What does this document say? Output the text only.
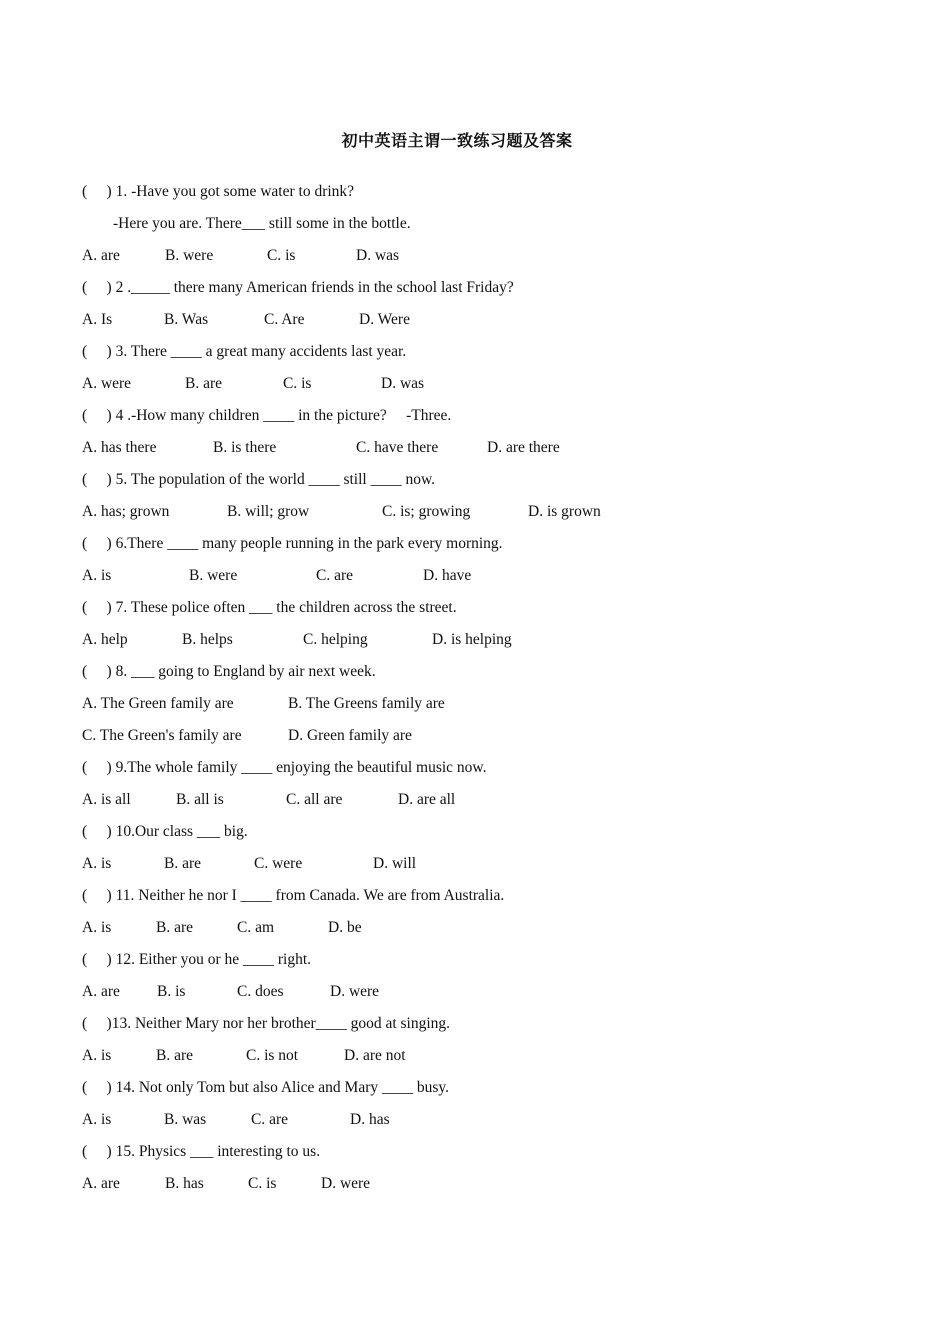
初中英语主谓一致练习题及答案
(     ) 1. -Have you got some water to drink?
-Here you are. There___ still some in the bottle.
A. are	B. were	C. is	D. was
(     ) 2 ._____ there many American friends in the school last Friday?
A. Is	B. Was	C. Are	D. Were
(     ) 3. There ____ a great many accidents last year.
A. were	B. are	C. is	D. was
(     ) 4 .-How many children ____ in the picture?     -Three.
A. has there	B. is there	C. have there	D. are there
(     ) 5. The population of the world ____ still ____ now.
A. has; grown	B. will; grow	C. is; growing	D. is grown
(     ) 6.There ____ many people running in the park every morning.
A. is	B. were	C. are	D. have
(     ) 7. These police often ___ the children across the street.
A. help	B. helps	C. helping	D. is helping
(     ) 8. ___ going to England by air next week.
A. The Green family are	B. The Greens family are
C. The Green's family are	D. Green family are
(     ) 9.The whole family ____ enjoying the beautiful music now.
A. is all	B. all is	C. all are	D. are all
(     ) 10.Our class ___ big.
A. is	B. are	C. were	D. will
(     ) 11. Neither he nor I ____ from Canada. We are from Australia.
A. is	B. are	C. am	D. be
(     ) 12. Either you or he ____ right.
A. are B. is	C. does	D. were
(     )13. Neither Mary nor her brother____ good at singing.
A. is	B. are	C. is not	D. are not
(     ) 14. Not only Tom but also Alice and Mary ____ busy.
A. is	B. was	C. are	D. has
(     ) 15. Physics ___ interesting to us.
A. are	B. has	C. is	D. were
